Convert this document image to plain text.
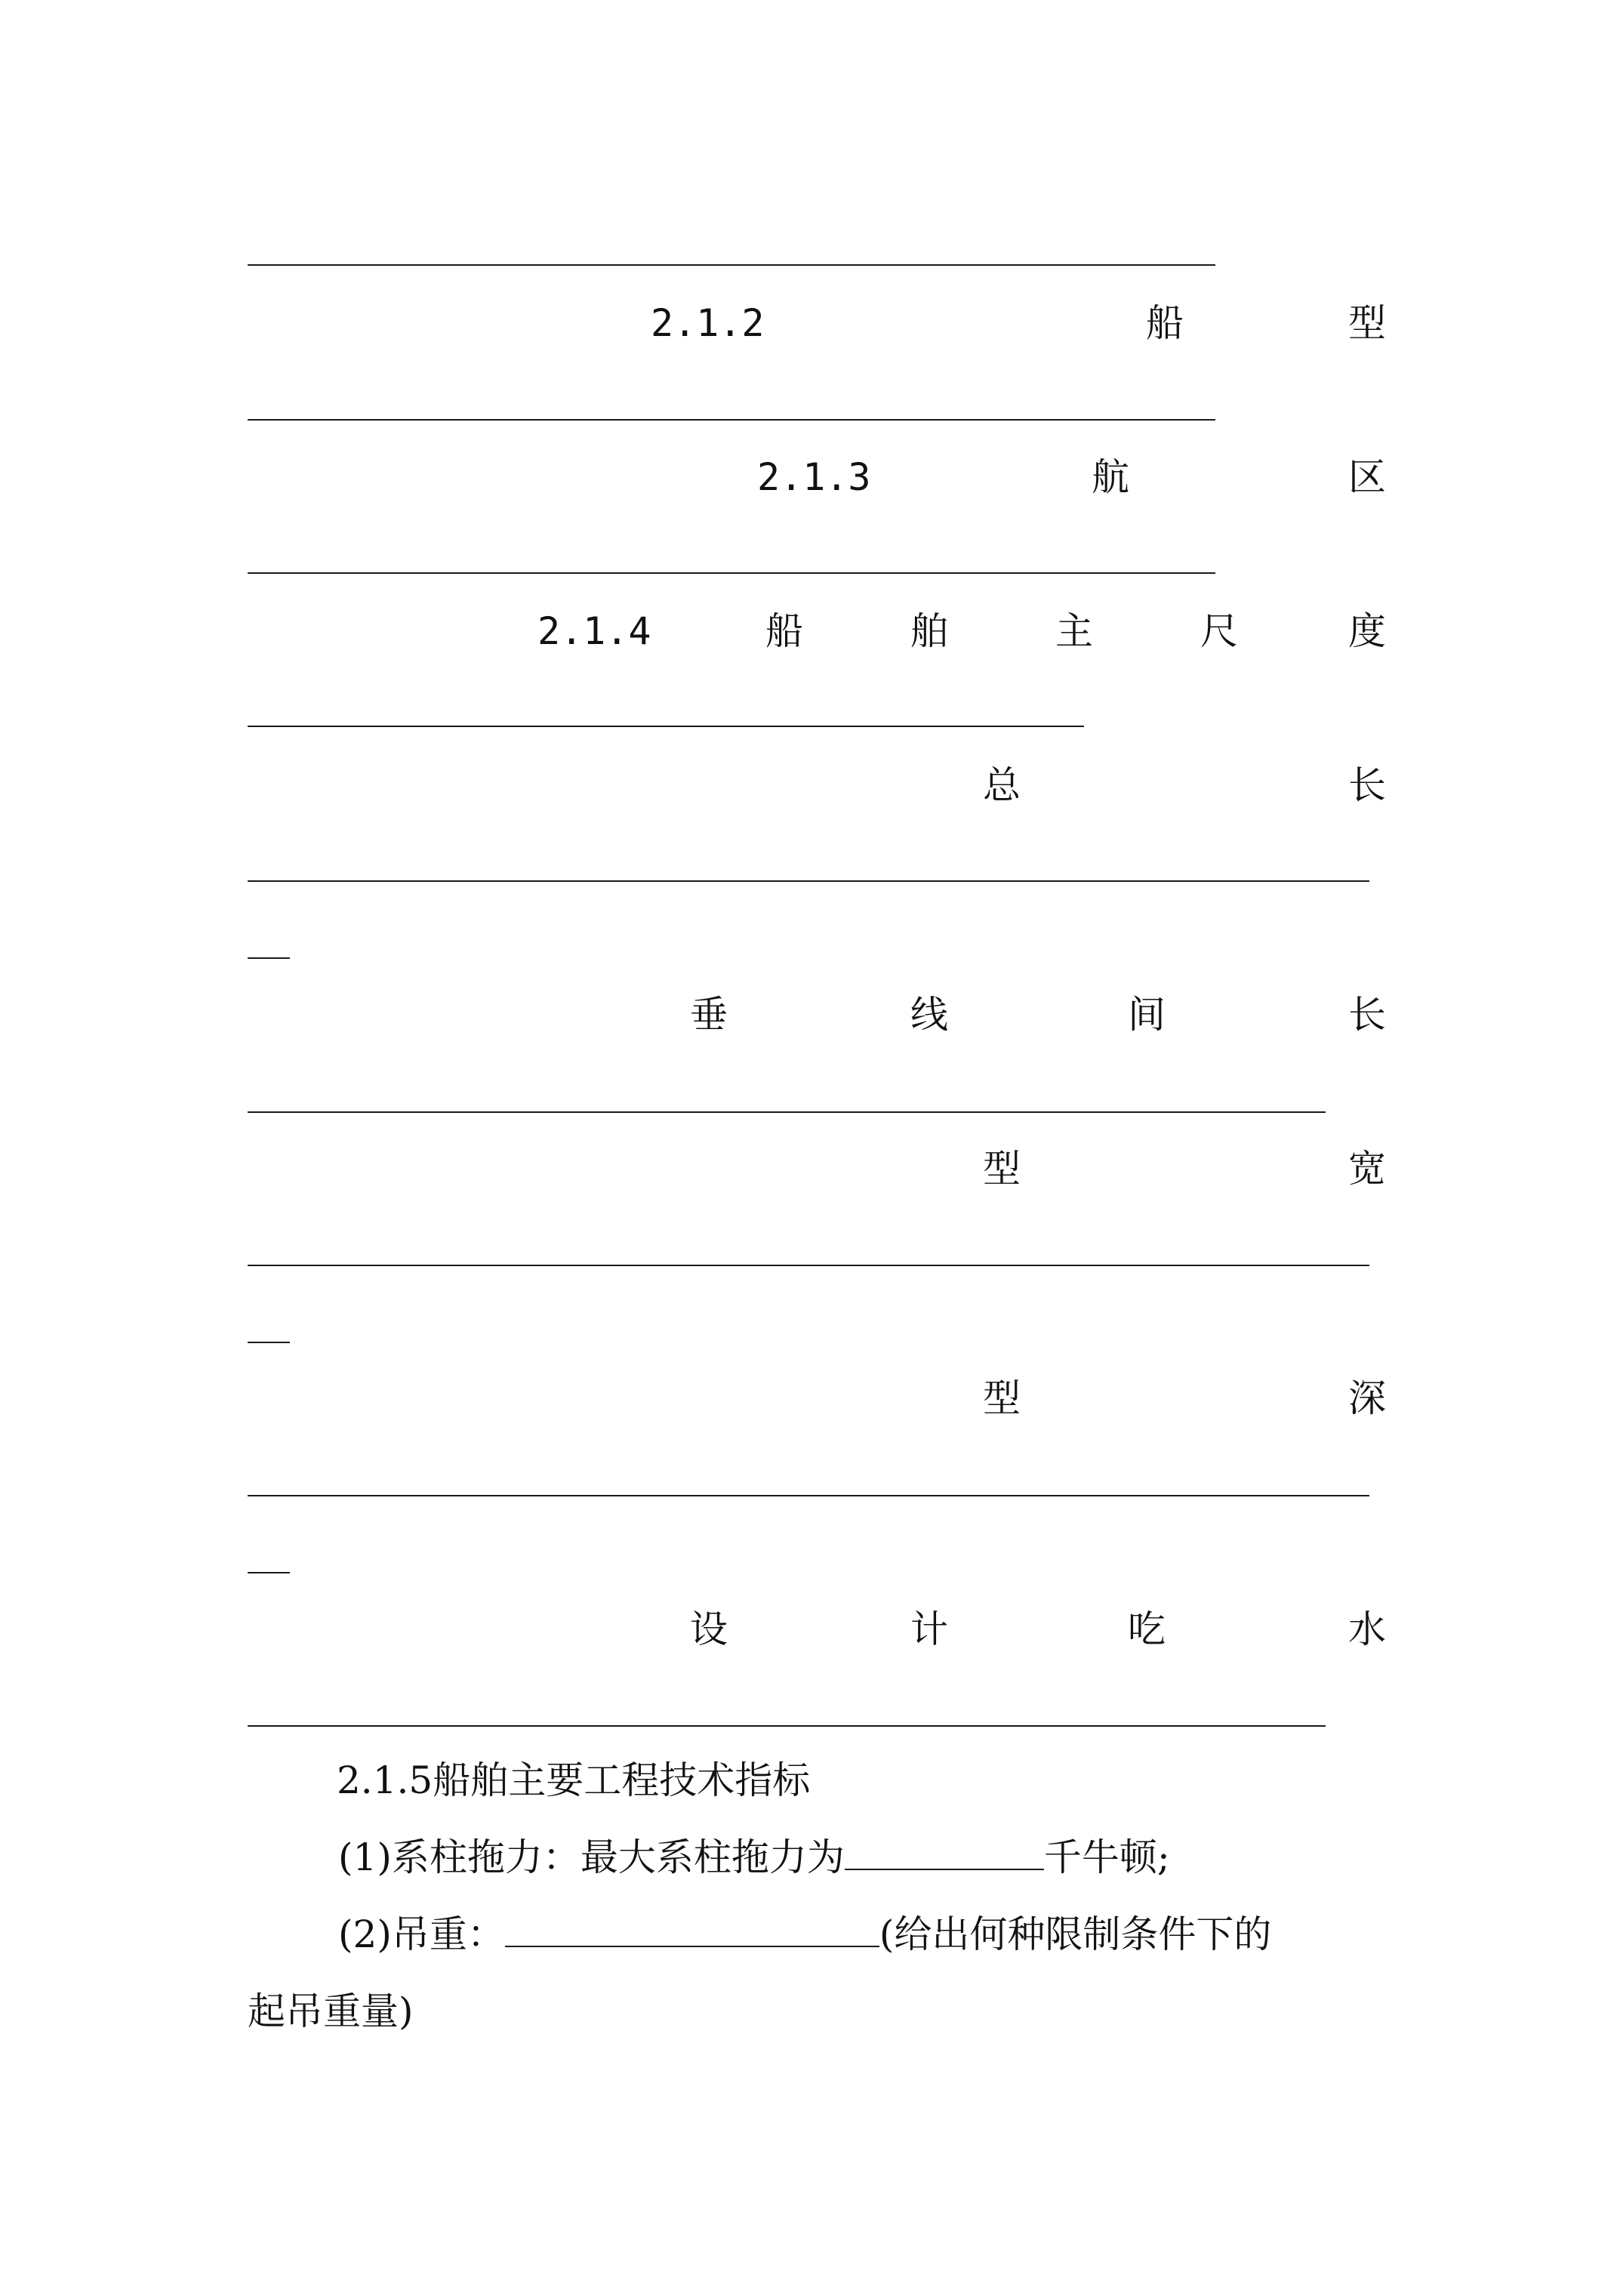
2.1.2	船	型
2.1.3	航	区
2.1.4	船	舶	主	尺	度
总	长
垂	线	间	长
型	宽
型	深
设	计	吃	水
2.1.5船舶主要工程技术指标
(1)系柱拖力：最大系柱拖力为	千牛顿;
(2)吊重：	(给出何种限制条件下的
起吊重量)
